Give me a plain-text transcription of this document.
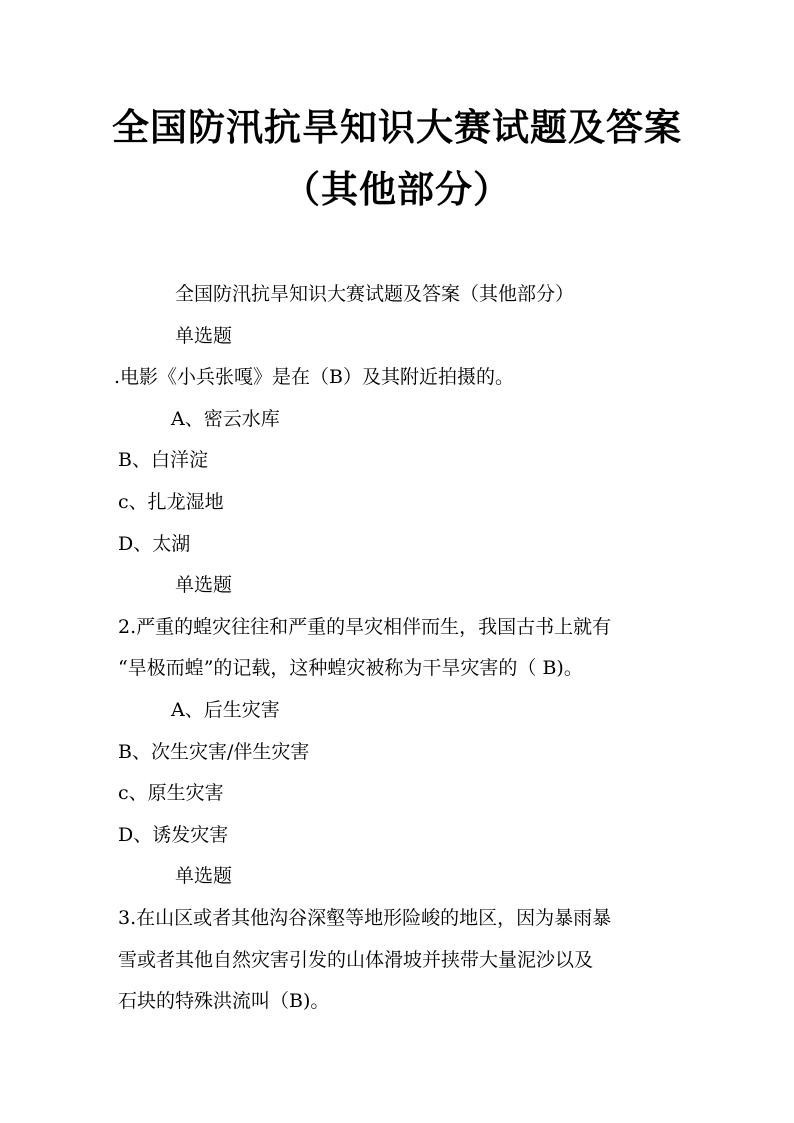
全国防汛抗旱知识大赛试题及答案
（其他部分）
全国防汛抗旱知识大赛试题及答案（其他部分）
单选题
.电影《小兵张嘎》是在（B）及其附近拍摄的。
A、密云水库
B、白洋淀
c、扎龙湿地
D、太湖
单选题
2.严重的蝗灾往往和严重的旱灾相伴而生，我国古书上就有
“旱极而蝗”的记载，这种蝗灾被称为干旱灾害的（ B)。
A、后生灾害
B、次生灾害/伴生灾害
c、原生灾害
D、诱发灾害
单选题
3.在山区或者其他沟谷深壑等地形险峻的地区，因为暴雨暴
雪或者其他自然灾害引发的山体滑坡并挟带大量泥沙以及
石块的特殊洪流叫（B)。
